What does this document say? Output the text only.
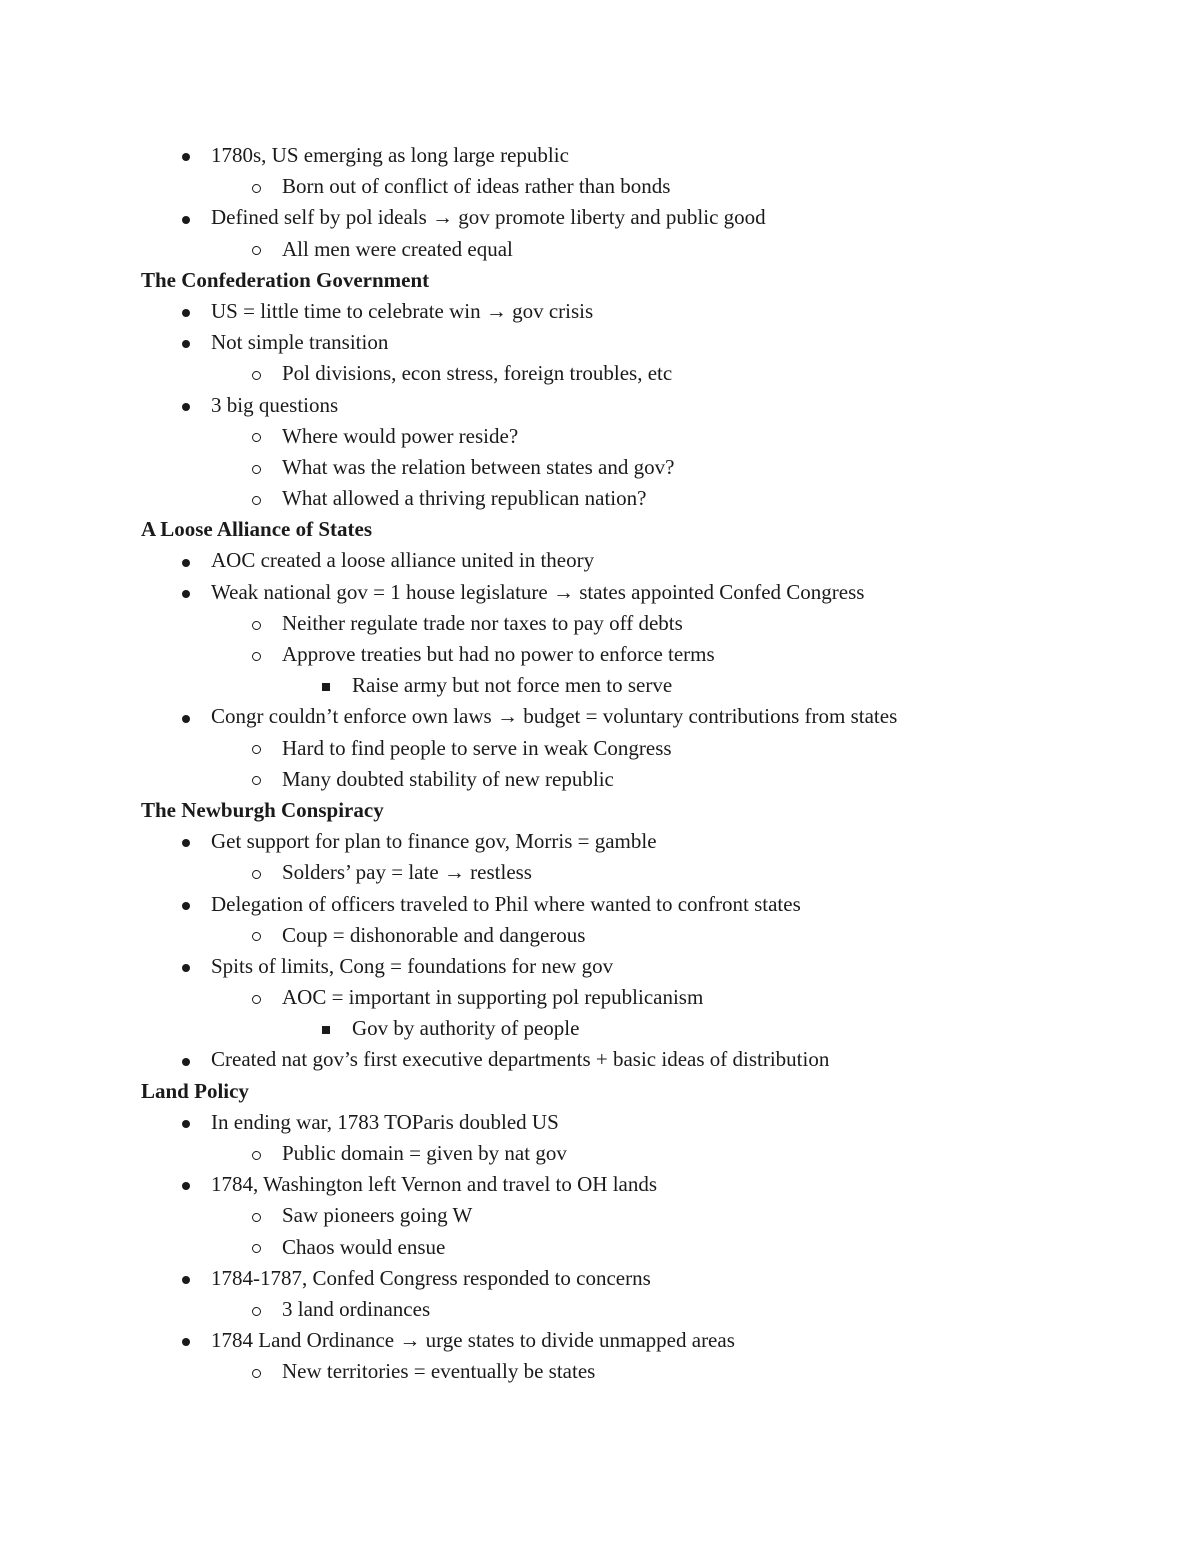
1780s, US emerging as long large republic
Born out of conflict of ideas rather than bonds
Defined self by pol ideals → gov promote liberty and public good
All men were created equal
The Confederation Government
US = little time to celebrate win → gov crisis
Not simple transition
Pol divisions, econ stress, foreign troubles, etc
3 big questions
Where would power reside?
What was the relation between states and gov?
What allowed a thriving republican nation?
A Loose Alliance of States
AOC created a loose alliance united in theory
Weak national gov = 1 house legislature → states appointed Confed Congress
Neither regulate trade nor taxes to pay off debts
Approve treaties but had no power to enforce terms
Raise army but not force men to serve
Congr couldn’t enforce own laws → budget = voluntary contributions from states
Hard to find people to serve in weak Congress
Many doubted stability of new republic
The Newburgh Conspiracy
Get support for plan to finance gov, Morris = gamble
Solders’ pay = late → restless
Delegation of officers traveled to Phil where wanted to confront states
Coup = dishonorable and dangerous
Spits of limits, Cong = foundations for new gov
AOC = important in supporting pol republicanism
Gov by authority of people
Created nat gov’s first executive departments + basic ideas of distribution
Land Policy
In ending war, 1783 TOParis doubled US
Public domain = given by nat gov
1784, Washington left Vernon and travel to OH lands
Saw pioneers going W
Chaos would ensue
1784-1787, Confed Congress responded to concerns
3 land ordinances
1784 Land Ordinance → urge states to divide unmapped areas
New territories = eventually be states
